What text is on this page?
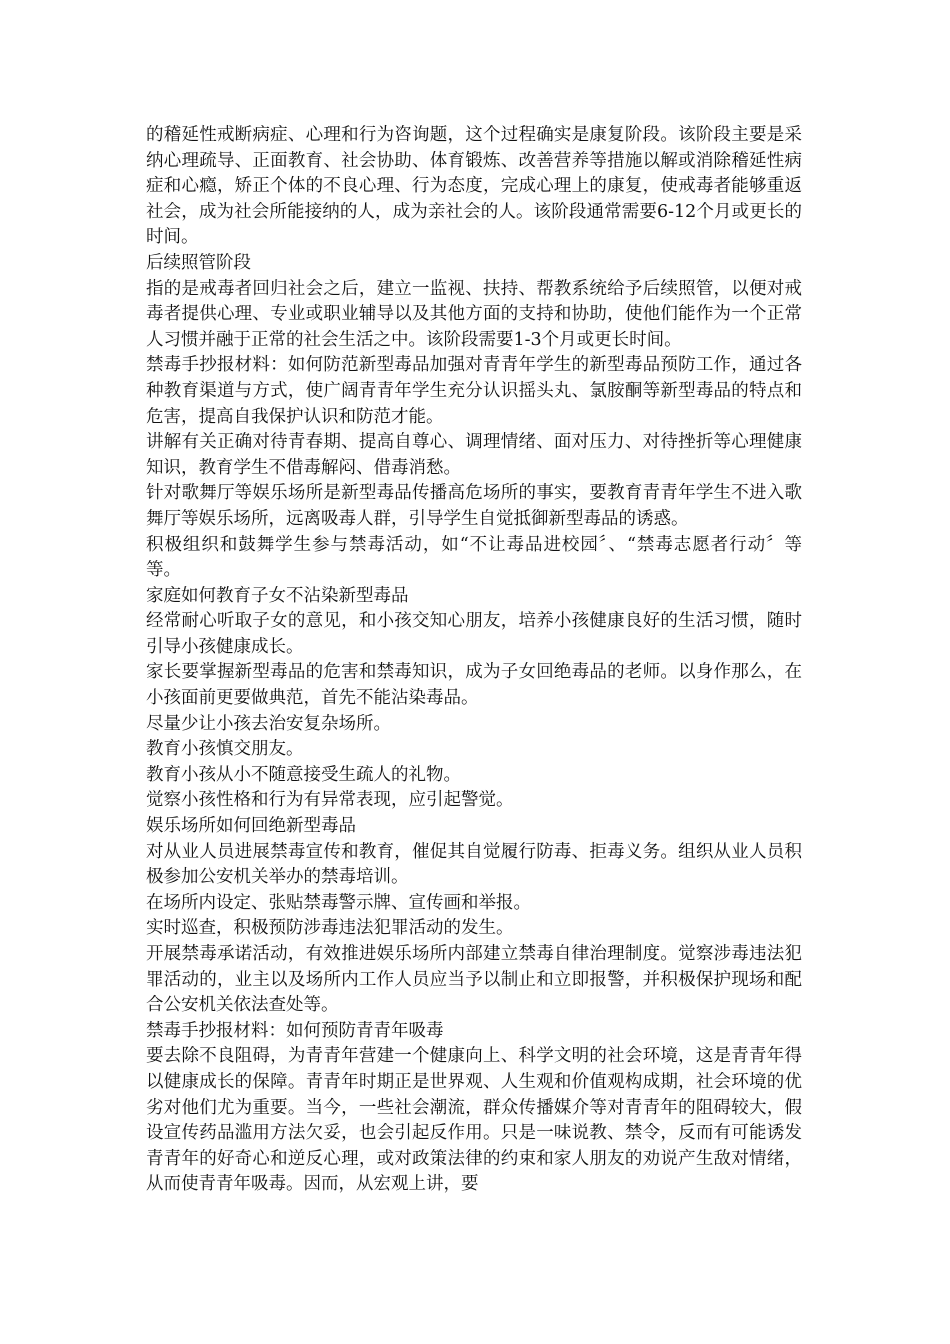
的稽延性戒断病症、心理和行为咨询题，这个过程确实是康复阶段。该阶段主要是采纳心理疏导、正面教育、社会协助、体育锻炼、改善营养等措施以解或消除稽延性病症和心瘾，矫正个体的不良心理、行为态度，完成心理上的康复，使戒毒者能够重返社会，成为社会所能接纳的人，成为亲社会的人。该阶段通常需要6-12个月或更长的时间。

后续照管阶段

指的是戒毒者回归社会之后，建立一监视、扶持、帮教系统给予后续照管，以便对戒毒者提供心理、专业或职业辅导以及其他方面的支持和协助，使他们能作为一个正常人习惯并融于正常的社会生活之中。该阶段需要1-3个月或更长时间。

禁毒手抄报材料：如何防范新型毒品加强对青青年学生的新型毒品预防工作，通过各种教育渠道与方式，使广阔青青年学生充分认识摇头丸、氯胺酮等新型毒品的特点和危害，提高自我保护认识和防范才能。

讲解有关正确对待青春期、提高自尊心、调理情绪、面对压力、对待挫折等心理健康知识，教育学生不借毒解闷、借毒消愁。

针对歌舞厅等娱乐场所是新型毒品传播高危场所的事实，要教育青青年学生不进入歌舞厅等娱乐场所，远离吸毒人群，引导学生自觉抵御新型毒品的诱惑。

积极组织和鼓舞学生参与禁毒活动，如“不让毒品进校园〞、“禁毒志愿者行动〞等等。

家庭如何教育子女不沾染新型毒品

经常耐心听取子女的意见，和小孩交知心朋友，培养小孩健康良好的生活习惯，随时引导小孩健康成长。

家长要掌握新型毒品的危害和禁毒知识，成为子女回绝毒品的老师。以身作那么，在小孩面前更要做典范，首先不能沾染毒品。

尽量少让小孩去治安复杂场所。

教育小孩慎交朋友。

教育小孩从小不随意接受生疏人的礼物。

觉察小孩性格和行为有异常表现，应引起警觉。

娱乐场所如何回绝新型毒品

对从业人员进展禁毒宣传和教育，催促其自觉履行防毒、拒毒义务。组织从业人员积极参加公安机关举办的禁毒培训。

在场所内设定、张贴禁毒警示牌、宣传画和举报。

实时巡查，积极预防涉毒违法犯罪活动的发生。

开展禁毒承诺活动，有效推进娱乐场所内部建立禁毒自律治理制度。觉察涉毒违法犯罪活动的，业主以及场所内工作人员应当予以制止和立即报警，并积极保护现场和配合公安机关依法查处等。

禁毒手抄报材料：如何预防青青年吸毒

要去除不良阻碍，为青青年营建一个健康向上、科学文明的社会环境，这是青青年得以健康成长的保障。青青年时期正是世界观、人生观和价值观构成期，社会环境的优劣对他们尤为重要。当今，一些社会潮流，群众传播媒介等对青青年的阻碍较大，假设宣传药品滥用方法欠妥，也会引起反作用。只是一味说教、禁令，反而有可能诱发青青年的好奇心和逆反心理，或对政策法律的约束和家人朋友的劝说产生敌对情绪，从而使青青年吸毒。因而，从宏观上讲，要
